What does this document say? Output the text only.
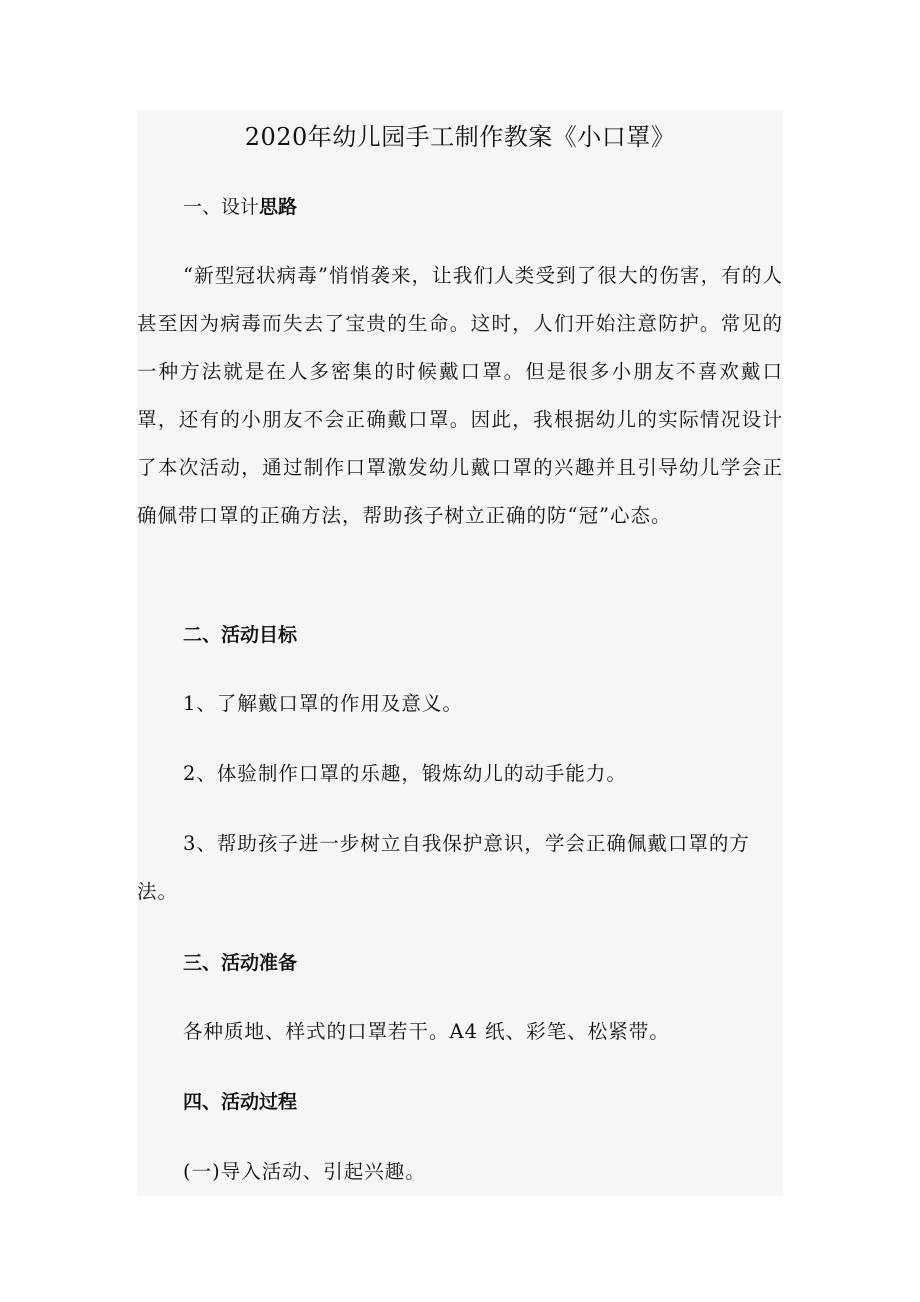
2020年幼儿园手工制作教案《小口罩》
一、设计思路

“新型冠状病毒”悄悄袭来，让我们人类受到了很大的伤害，有的人甚至因为病毒而失去了宝贵的生命。这时，人们开始注意防护。常见的一种方法就是在人多密集的时候戴口罩。但是很多小朋友不喜欢戴口罩，还有的小朋友不会正确戴口罩。因此，我根据幼儿的实际情况设计了本次活动，通过制作口罩激发幼儿戴口罩的兴趣并且引导幼儿学会正确佩带口罩的正确方法，帮助孩子树立正确的防“冠”心态。

二、活动目标

1、了解戴口罩的作用及意义。

2、体验制作口罩的乐趣，锻炼幼儿的动手能力。

3、帮助孩子进一步树立自我保护意识，学会正确佩戴口罩的方法。

三、活动准备

各种质地、样式的口罩若干。A4 纸、彩笔、松紧带。

四、活动过程

(一)导入活动、引起兴趣。
